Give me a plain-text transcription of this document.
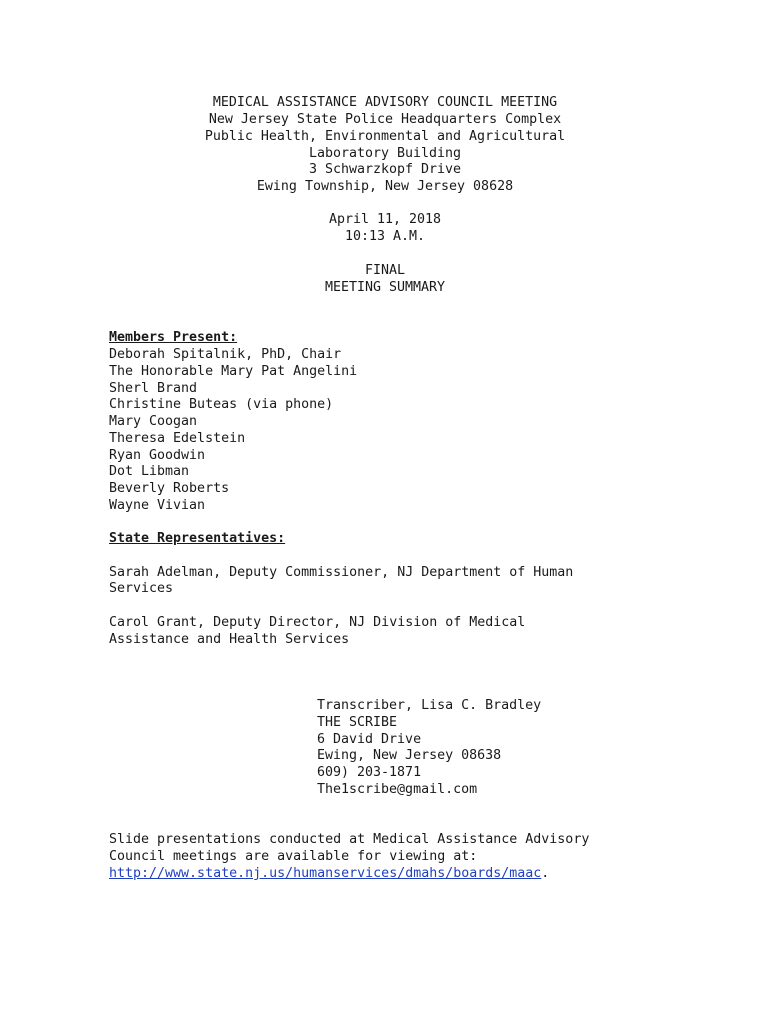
MEDICAL ASSISTANCE ADVISORY COUNCIL MEETING
New Jersey State Police Headquarters Complex
Public Health, Environmental and Agricultural
Laboratory Building
3 Schwarzkopf Drive
Ewing Township, New Jersey 08628
April 11, 2018
10:13 A.M.
FINAL
MEETING SUMMARY
Members Present:
Deborah Spitalnik, PhD, Chair
The Honorable Mary Pat Angelini
Sherl Brand
Christine Buteas (via phone)
Mary Coogan
Theresa Edelstein
Ryan Goodwin
Dot Libman
Beverly Roberts
Wayne Vivian
State Representatives:
Sarah Adelman, Deputy Commissioner, NJ Department of Human
Services
Carol Grant, Deputy Director, NJ Division of Medical
Assistance and Health Services
Transcriber, Lisa C. Bradley
THE SCRIBE
6 David Drive
Ewing, New Jersey 08638
609) 203-1871
The1scribe@gmail.com
Slide presentations conducted at Medical Assistance Advisory
Council meetings are available for viewing at:
http://www.state.nj.us/humanservices/dmahs/boards/maac.
